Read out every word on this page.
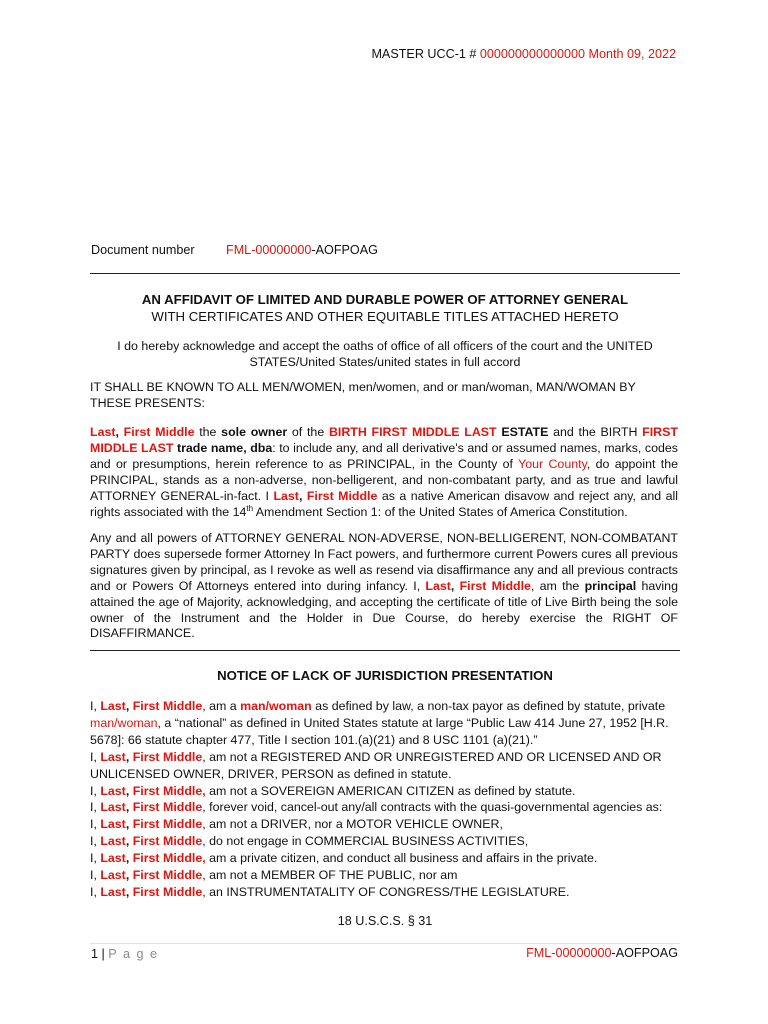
MASTER UCC-1 # 000000000000000 Month 09, 2022
Document number FML-00000000-AOFPOAG
AN AFFIDAVIT OF LIMITED AND DURABLE POWER OF ATTORNEY GENERAL
WITH CERTIFICATES AND OTHER EQUITABLE TITLES ATTACHED HERETO
I do hereby acknowledge and accept the oaths of office of all officers of the court and the UNITED STATES/United States/united states in full accord

IT SHALL BE KNOWN TO ALL MEN/WOMEN, men/women, and or man/woman, MAN/WOMAN BY THESE PRESENTS:

Last, First Middle the sole owner of the BIRTH FIRST MIDDLE LAST ESTATE and the BIRTH FIRST MIDDLE LAST trade name, dba: to include any, and all derivative's and or assumed names, marks, codes and or presumptions, herein reference to as PRINCIPAL, in the County of Your County, do appoint the PRINCIPAL, stands as a non-adverse, non-belligerent, and non-combatant party, and as true and lawful ATTORNEY GENERAL-in-fact. I Last, First Middle as a native American disavow and reject any, and all rights associated with the 14th Amendment Section 1: of the United States of America Constitution.

Any and all powers of ATTORNEY GENERAL NON-ADVERSE, NON-BELLIGERENT, NON-COMBATANT PARTY does supersede former Attorney In Fact powers, and furthermore current Powers cures all previous signatures given by principal, as I revoke as well as resend via disaffirmance any and all previous contracts and or Powers Of Attorneys entered into during infancy. I, Last, First Middle, am the principal having attained the age of Majority, acknowledging, and accepting the certificate of title of Live Birth being the sole owner of the Instrument and the Holder in Due Course, do hereby exercise the RIGHT OF DISAFFIRMANCE.

NOTICE OF LACK OF JURISDICTION PRESENTATION
I, Last, First Middle, am a man/woman as defined by law, a non-tax payor as defined by statute, private man/woman, a “national” as defined in United States statute at large “Public Law 414 June 27, 1952 [H.R. 5678]: 66 statute chapter 477, Title I section 101.(a)(21) and 8 USC 1101 (a)(21).”
I, Last, First Middle, am not a REGISTERED AND OR UNREGISTERED AND OR LICENSED AND OR UNLICENSED OWNER, DRIVER, PERSON as defined in statute.
I, Last, First Middle, am not a SOVEREIGN AMERICAN CITIZEN as defined by statute.
I, Last, First Middle, forever void, cancel-out any/all contracts with the quasi-governmental agencies as:
I, Last, First Middle, am not a DRIVER, nor a MOTOR VEHICLE OWNER,
I, Last, First Middle, do not engage in COMMERCIAL BUSINESS ACTIVITIES,
I, Last, First Middle, am a private citizen, and conduct all business and affairs in the private.
I, Last, First Middle, am not a MEMBER OF THE PUBLIC, nor am
I, Last, First Middle, an INSTRUMENTATALITY OF CONGRESS/THE LEGISLATURE.
18 U.S.C.S. § 31
1 | P a g e	FML-00000000-AOFPOAG
